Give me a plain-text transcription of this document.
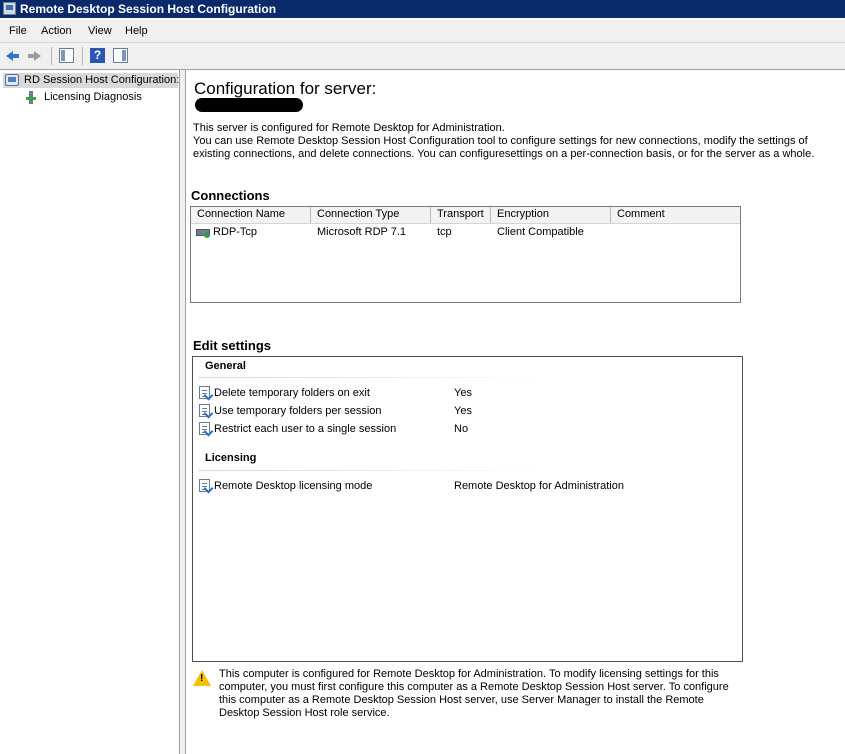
Remote Desktop Session Host Configuration
File Action View Help
?
RD Session Host Configuration:
Licensing Diagnosis	Configuration for server:
This server is configured for Remote Desktop for Administration.
You can use Remote Desktop Session Host Configuration tool to configure settings for new connections, modify the settings of existing connections, and delete connections. You can configuresettings on a per-connection basis, or for the server as a whole.
Connections
Connection Name	Connection Type	Transport	Encryption	Comment
RDP-Tcp	Microsoft RDP 7.1	tcp	Client Compatible
Edit settings
General
Delete temporary folders on exit	Yes
Use temporary folders per session	Yes
Restrict each user to a single session	No
Licensing
Remote Desktop licensing mode	Remote Desktop for Administration
!
This computer is configured for Remote Desktop for Administration. To modify licensing settings for this computer, you must first configure this computer as a Remote Desktop Session Host server. To configure this computer as a Remote Desktop Session Host server, use Server Manager to install the Remote Desktop Session Host role service.
